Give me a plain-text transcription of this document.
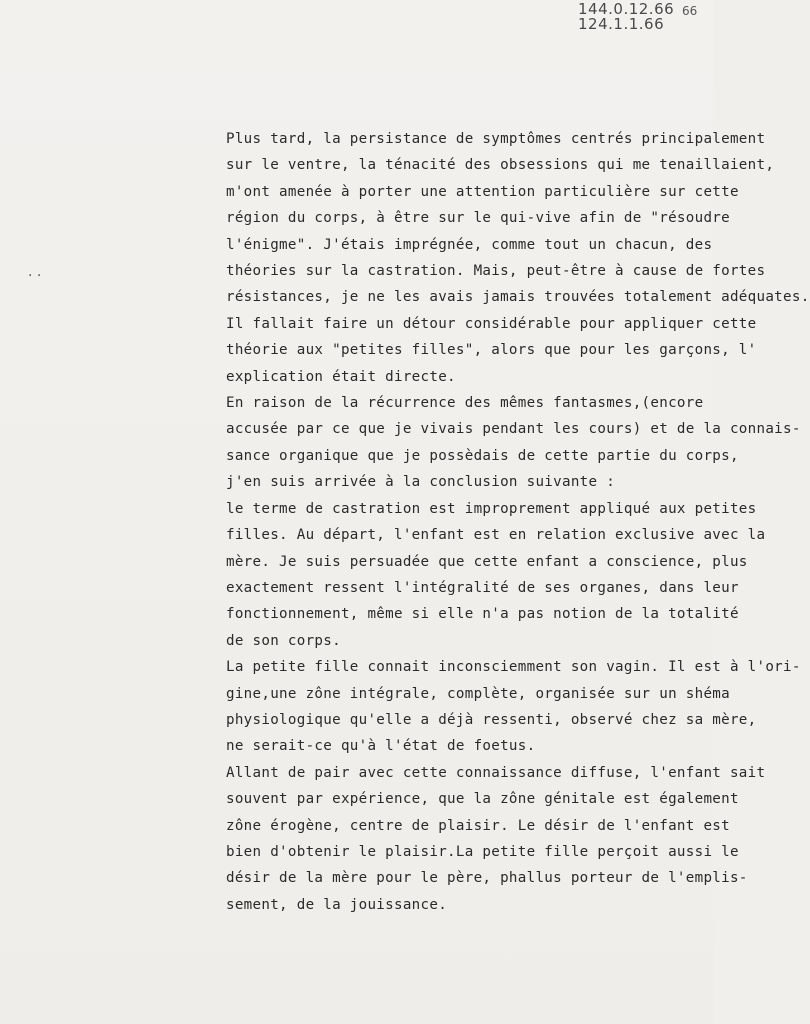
144.0.12.66
124.1.1.66
66
· ·
Plus tard, la persistance de symptômes centrés principalement
sur le ventre, la ténacité des obsessions qui me tenaillaient,
m'ont amenée à porter une attention particulière sur cette
région du corps, à être sur le qui-vive afin de "résoudre
l'énigme". J'étais imprégnée, comme tout un chacun, des
théories sur la castration. Mais, peut-être à cause de fortes
résistances, je ne les avais jamais trouvées totalement adéquates.
Il fallait faire un détour considérable pour appliquer cette
théorie aux "petites filles", alors que pour les garçons, l'
explication était directe.
En raison de la récurrence des mêmes fantasmes,(encore
accusée par ce que je vivais pendant les cours) et de la connais-
sance organique que je possèdais de cette partie du corps,
j'en suis arrivée à la conclusion suivante :
le terme de castration est improprement appliqué aux petites
filles. Au départ, l'enfant est en relation exclusive avec la
mère. Je suis persuadée que cette enfant a conscience, plus
exactement ressent l'intégralité de ses organes, dans leur
fonctionnement, même si elle n'a pas notion de la totalité
de son corps.
La petite fille connait inconsciemment son vagin. Il est à l'ori-
gine,une zône intégrale, complète, organisée sur un shéma
physiologique qu'elle a déjà ressenti, observé chez sa mère,
ne serait-ce qu'à l'état de foetus.
Allant de pair avec cette connaissance diffuse, l'enfant sait
souvent par expérience, que la zône génitale est également
zône érogène, centre de plaisir. Le désir de l'enfant est
bien d'obtenir le plaisir.La petite fille perçoit aussi le
désir de la mère pour le père, phallus porteur de l'emplis-
sement, de la jouissance.
